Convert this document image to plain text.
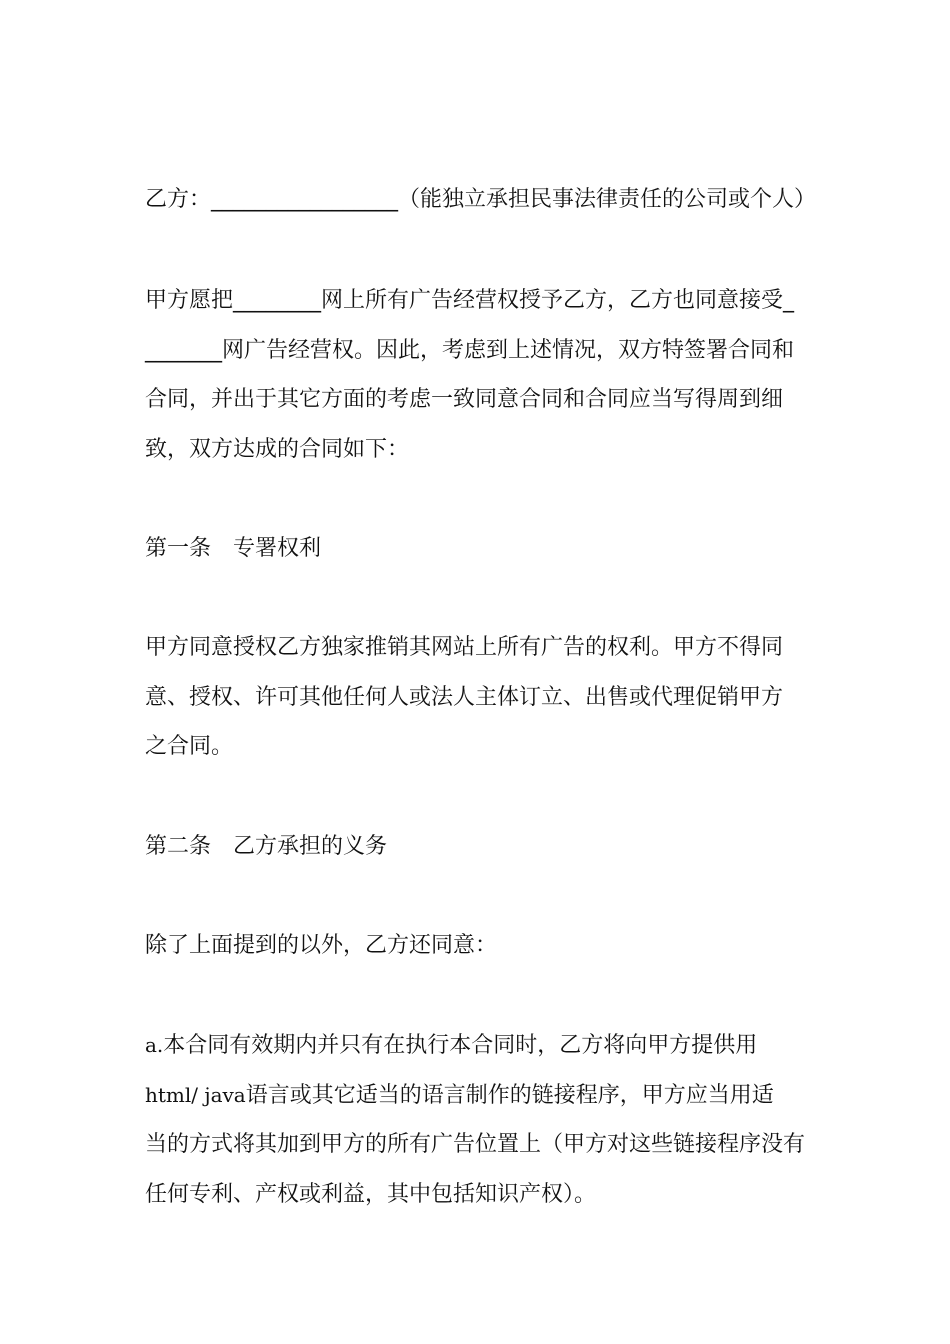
乙方：_________________（能独立承担民事法律责任的公司或个人）

甲方愿把________网上所有广告经营权授予乙方，乙方也同意接受_
_______网广告经营权。因此，考虑到上述情况，双方特签署合同和
合同，并出于其它方面的考虑一致同意合同和合同应当写得周到细
致，双方达成的合同如下：

第一条　专署权利

甲方同意授权乙方独家推销其网站上所有广告的权利。甲方不得同
意、授权、许可其他任何人或法人主体订立、出售或代理促销甲方
之合同。

第二条　乙方承担的义务

除了上面提到的以外，乙方还同意：

a.本合同有效期内并只有在执行本合同时，乙方将向甲方提供用
html/ java语言或其它适当的语言制作的链接程序，甲方应当用适
当的方式将其加到甲方的所有广告位置上（甲方对这些链接程序没有
任何专利、产权或利益，其中包括知识产权）。
